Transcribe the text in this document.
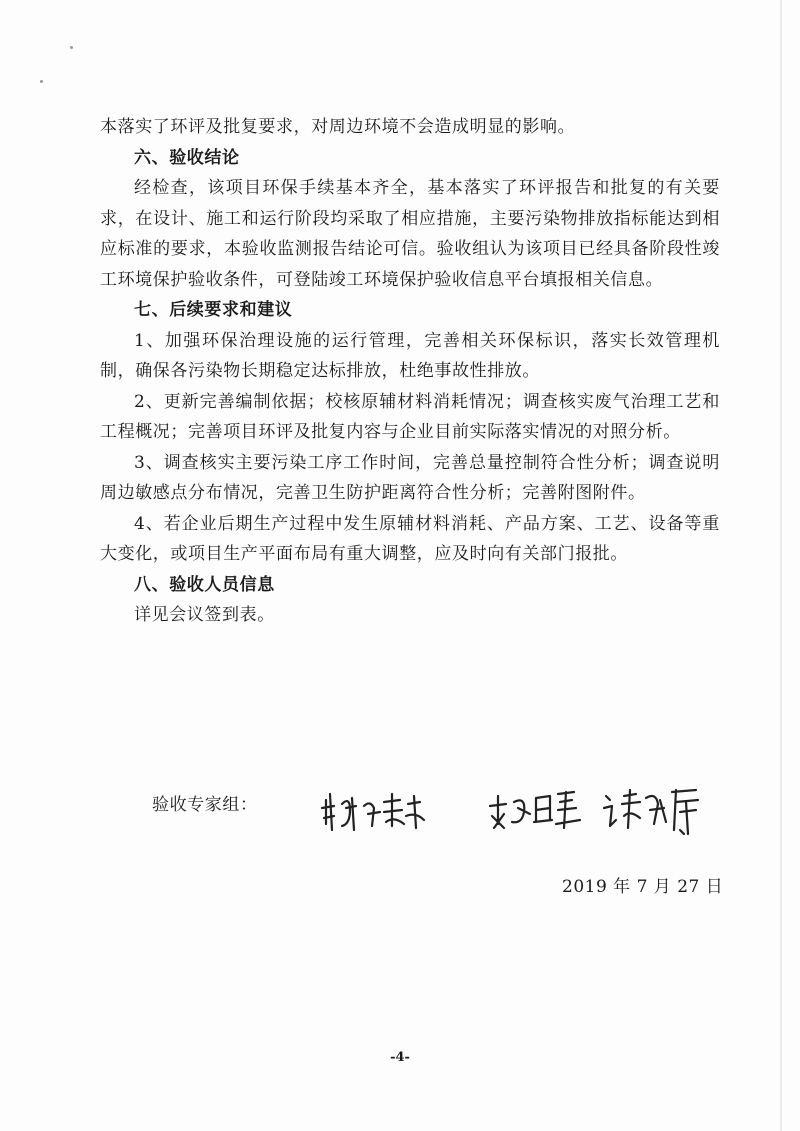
本落实了环评及批复要求，对周边环境不会造成明显的影响。

六、验收结论

经检查，该项目环保手续基本齐全，基本落实了环评报告和批复的有关要求，在设计、施工和运行阶段均采取了相应措施，主要污染物排放指标能达到相应标准的要求，本验收监测报告结论可信。验收组认为该项目已经具备阶段性竣工环境保护验收条件，可登陆竣工环境保护验收信息平台填报相关信息。

七、后续要求和建议

1、加强环保治理设施的运行管理，完善相关环保标识，落实长效管理机制，确保各污染物长期稳定达标排放，杜绝事故性排放。

2、更新完善编制依据；校核原辅材料消耗情况；调查核实废气治理工艺和工程概况；完善项目环评及批复内容与企业目前实际落实情况的对照分析。

3、调查核实主要污染工序工作时间，完善总量控制符合性分析；调查说明周边敏感点分布情况，完善卫生防护距离符合性分析；完善附图附件。

4、若企业后期生产过程中发生原辅材料消耗、产品方案、工艺、设备等重大变化，或项目生产平面布局有重大调整，应及时向有关部门报批。

八、验收人员信息

详见会议签到表。

验收专家组：
2019 年 7 月 27 日
-4-
